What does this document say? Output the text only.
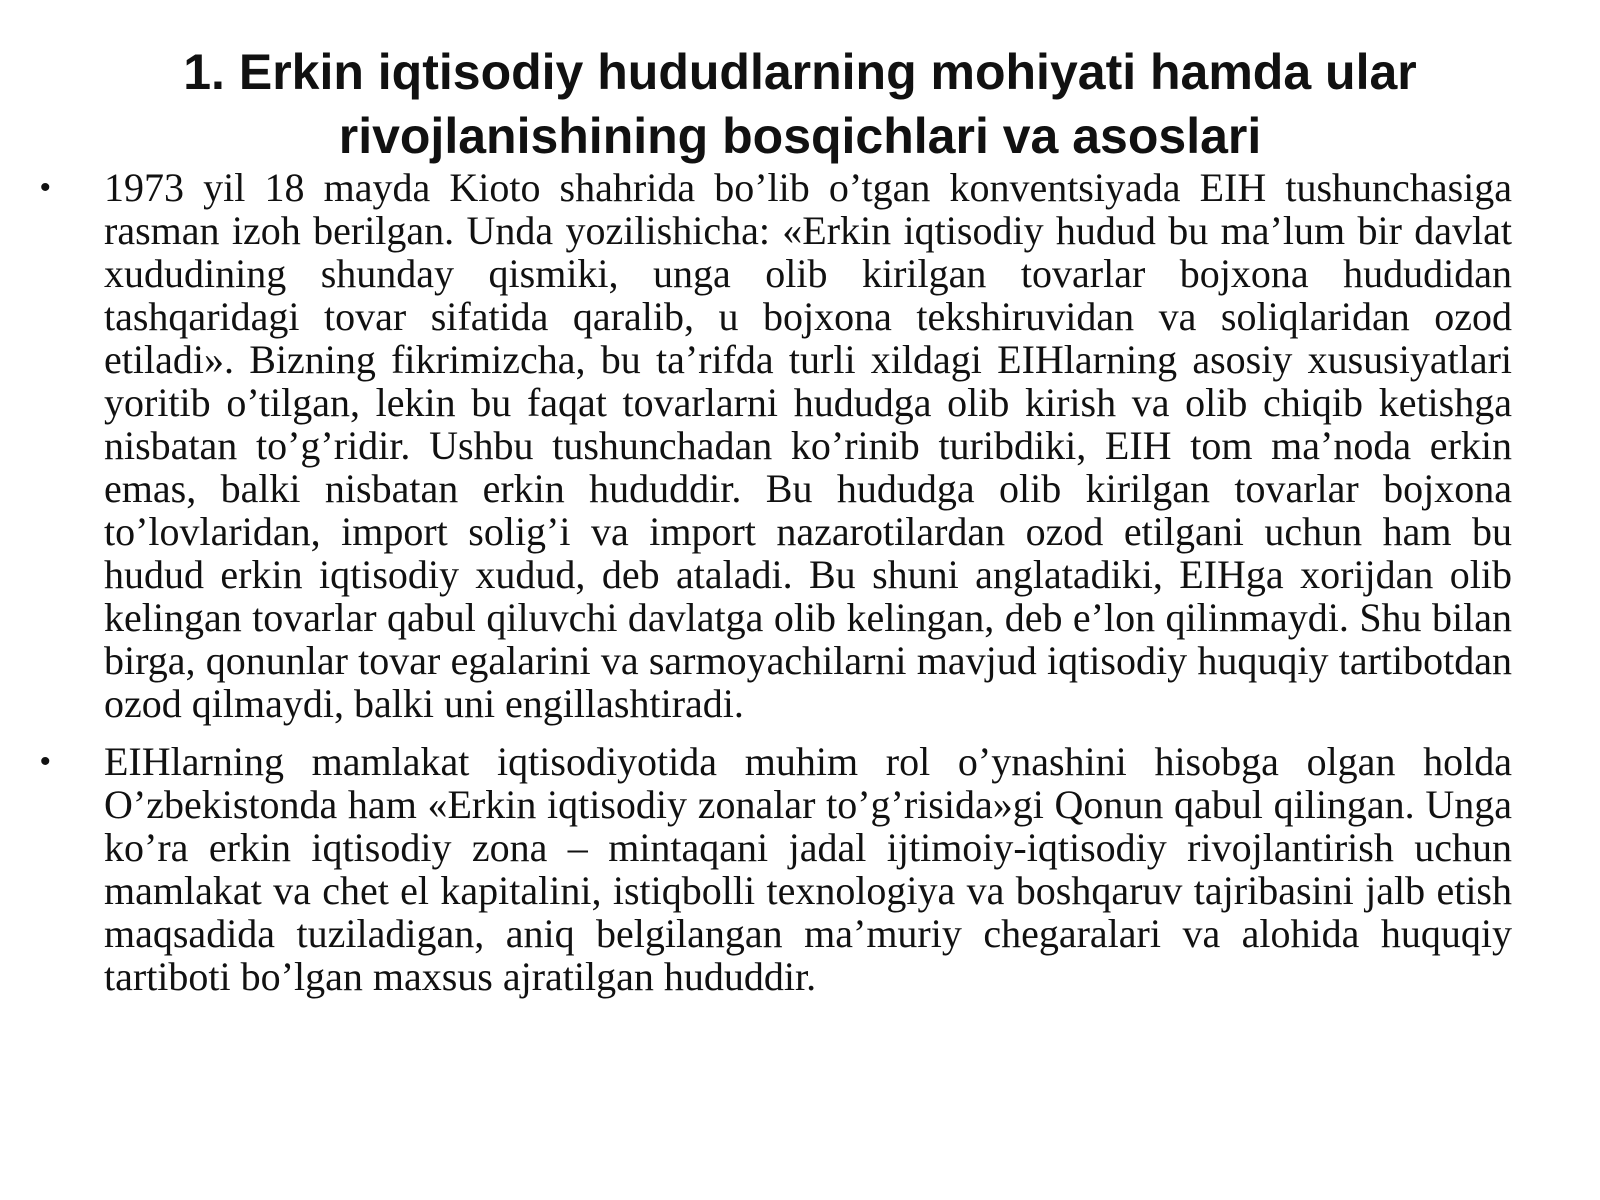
1. Erkin iqtisodiy hududlarning mohiyati hamda ular rivojlanishining bosqichlari va asoslari
• 1973 yil 18 mayda Kioto shahrida bo’lib o’tgan konventsiyada EIH tushunchasiga rasman izoh berilgan. Unda yozilishicha: «Erkin iqtisodiy hudud bu ma’lum bir davlat xududining shunday qismiki, unga olib kirilgan tovarlar bojxona hududidan tashqaridagi tovar sifatida qaralib, u bojxona tekshiruvidan va soliqlaridan ozod etiladi». Bizning fikrimizcha, bu ta’rifda turli xildagi EIHlarning asosiy xususiyatlari yoritib o’tilgan, lekin bu faqat tovarlarni hududga olib kirish va olib chiqib ketishga nisbatan to’g’ridir. Ushbu tushunchadan ko’rinib turibdiki, EIH tom ma’noda erkin emas, balki nisbatan erkin hududdir. Bu hududga olib kirilgan tovarlar bojxona to’lovlaridan, import solig’i va import nazarotilardan ozod etilgani uchun ham bu hudud erkin iqtisodiy xudud, deb ataladi. Bu shuni anglatadiki, EIHga xorijdan olib kelingan tovarlar qabul qiluvchi davlatga olib kelingan, deb e’lon qilinmaydi. Shu bilan birga, qonunlar tovar egalarini va sarmoyachilarni mavjud iqtisodiy huquqiy tartibotdan ozod qilmaydi, balki uni engillashtiradi.
• EIHlarning mamlakat iqtisodiyotida muhim rol o’ynashini hisobga olgan holda O’zbekistonda ham «Erkin iqtisodiy zonalar to’g’risida»gi Qonun qabul qilingan. Unga ko’ra erkin iqtisodiy zona – mintaqani jadal ijtimoiy-iqtisodiy rivojlantirish uchun mamlakat va chet el kapitalini, istiqbolli texnologiya va boshqaruv tajribasini jalb etish maqsadida tuziladigan, aniq belgilangan ma’muriy chegaralari va alohida huquqiy tartiboti bo’lgan maxsus ajratilgan hududdir.
